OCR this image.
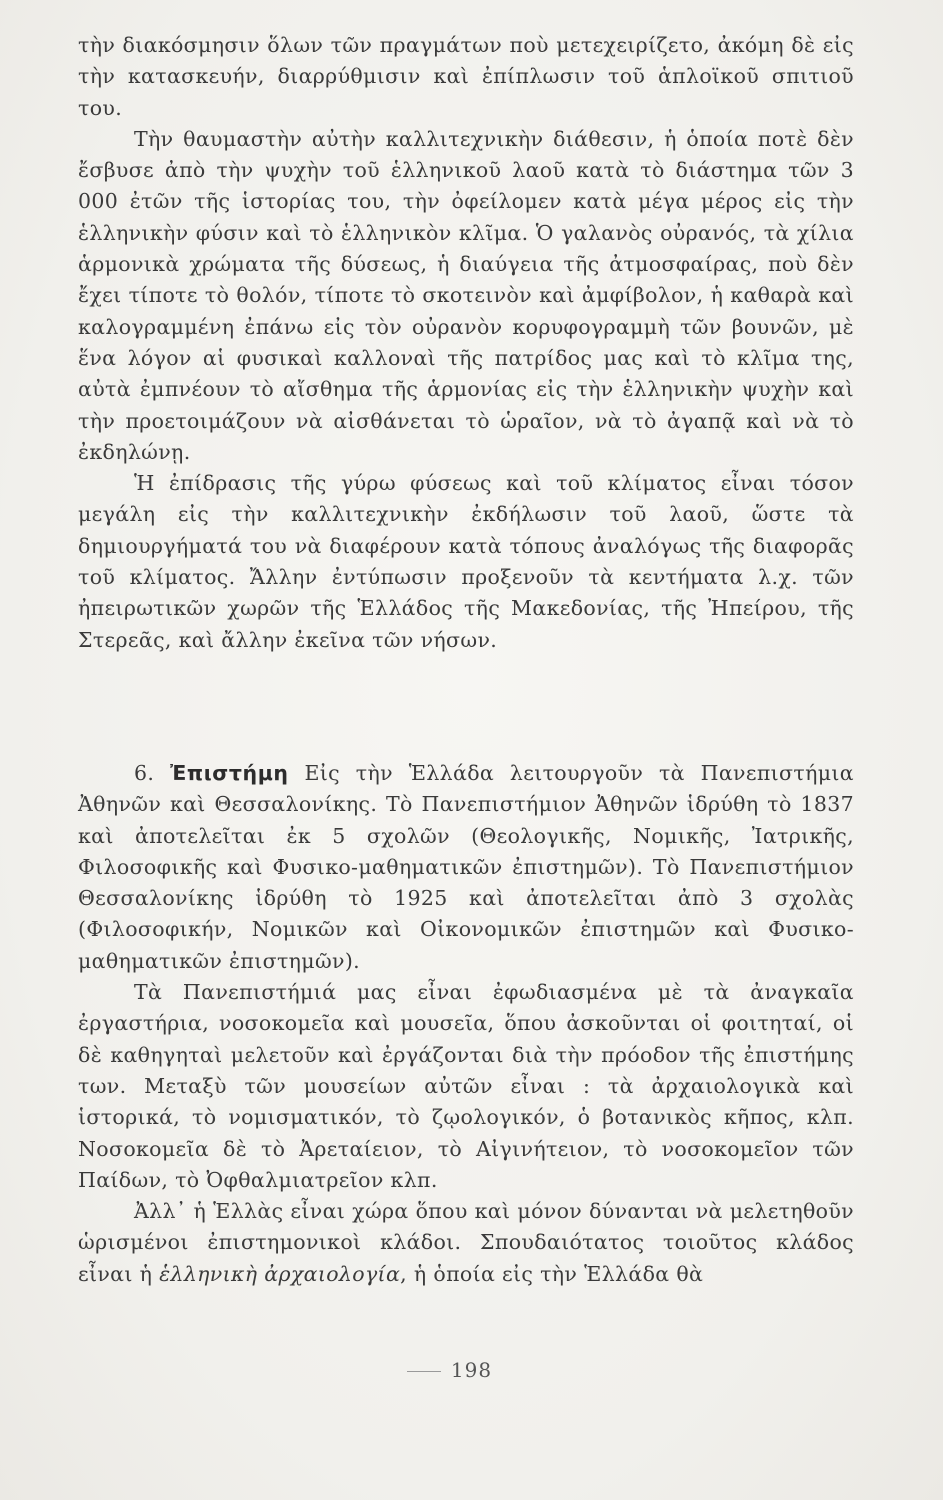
τὴν διακόσμησιν ὅλων τῶν πραγμάτων ποὺ μετεχειρίζετο, ἀκόμη δὲ εἰς τὴν κατασκευήν, διαρρύθμισιν καὶ ἐπίπλωσιν τοῦ ἁπλοϊκοῦ σπιτιοῦ του.

Τὴν θαυμαστὴν αὐτὴν καλλιτεχνικὴν διάθεσιν, ἡ ὁποία ποτὲ δὲν ἔσβυσε ἀπὸ τὴν ψυχὴν τοῦ ἑλληνικοῦ λαοῦ κατὰ τὸ διάστημα τῶν 3 000 ἐτῶν τῆς ἱστορίας του, τὴν ὀφείλομεν κατὰ μέγα μέρος εἰς τὴν ἑλληνικὴν φύσιν καὶ τὸ ἑλληνικὸν κλῖμα. Ὁ γαλανὸς οὐρανός, τὰ χίλια ἁρμονικὰ χρώματα τῆς δύσεως, ἡ διαύγεια τῆς ἀτμοσφαίρας, ποὺ δὲν ἔχει τίποτε τὸ θολόν, τίποτε τὸ σκοτεινὸν καὶ ἀμφίβολον, ἡ καθαρὰ καὶ καλογραμμένη ἐπάνω εἰς τὸν οὐρανὸν κορυφογραμμὴ τῶν βουνῶν, μὲ ἕνα λόγον αἱ φυσικαὶ καλλοναὶ τῆς πατρίδος μας καὶ τὸ κλῖμα της, αὐτὰ ἐμπνέουν τὸ αἴσθημα τῆς ἁρμονίας εἰς τὴν ἑλληνικὴν ψυχὴν καὶ τὴν προετοιμάζουν νὰ αἰσθάνεται τὸ ὡραῖον, νὰ τὸ ἀγαπᾷ καὶ νὰ τὸ ἐκδηλώνῃ.

Ἡ ἐπίδρασις τῆς γύρω φύσεως καὶ τοῦ κλίματος εἶναι τόσον μεγάλη εἰς τὴν καλλιτεχνικὴν ἐκδήλωσιν τοῦ λαοῦ, ὥστε τὰ δημιουργήματά του νὰ διαφέρουν κατὰ τόπους ἀναλόγως τῆς διαφορᾶς τοῦ κλίματος. Ἄλλην ἐντύπωσιν προξενοῦν τὰ κεντήματα λ.χ. τῶν ἠπειρωτικῶν χωρῶν τῆς Ἑλλάδος τῆς Μακεδονίας, τῆς Ἠπείρου, τῆς Στερεᾶς, καὶ ἄλλην ἐκεῖνα τῶν νήσων.

6. Ἐπιστήμη Εἰς τὴν Ἑλλάδα λειτουργοῦν τὰ Πανεπιστήμια Ἀθηνῶν καὶ Θεσσαλονίκης. Τὸ Πανεπιστήμιον Ἀθηνῶν ἱδρύθη τὸ 1837 καὶ ἀποτελεῖται ἐκ 5 σχολῶν (Θεολογικῆς, Νομικῆς, Ἰατρικῆς, Φιλοσοφικῆς καὶ Φυσικο-μαθηματικῶν ἐπιστημῶν). Τὸ Πανεπιστήμιον Θεσσαλονίκης ἱδρύθη τὸ 1925 καὶ ἀποτελεῖται ἀπὸ 3 σχολὰς (Φιλοσοφικήν, Νομικῶν καὶ Οἰκονομικῶν ἐπιστημῶν καὶ Φυσικο-μαθηματικῶν ἐπιστημῶν).

Τὰ Πανεπιστήμιά μας εἶναι ἐφωδιασμένα μὲ τὰ ἀναγκαῖα ἐργαστήρια, νοσοκομεῖα καὶ μουσεῖα, ὅπου ἀσκοῦνται οἱ φοιτηταί, οἱ δὲ καθηγηταὶ μελετοῦν καὶ ἐργάζονται διὰ τὴν πρόοδον τῆς ἐπιστήμης των. Μεταξὺ τῶν μουσείων αὐτῶν εἶναι : τὰ ἀρχαιολογικὰ καὶ ἱστορικά, τὸ νομισματικόν, τὸ ζῳολογικόν, ὁ βοτανικὸς κῆπος, κλπ. Νοσοκομεῖα δὲ τὸ Ἀρεταίειον, τὸ Αἰγινήτειον, τὸ νοσοκομεῖον τῶν Παίδων, τὸ Ὀφθαλμιατρεῖον κλπ.

Ἀλλ᾽ ἡ Ἑλλὰς εἶναι χώρα ὅπου καὶ μόνον δύνανται νὰ μελετηθοῦν ὡρισμένοι ἐπιστημονικοὶ κλάδοι. Σπουδαιότατος τοιοῦτος κλάδος εἶναι ἡ ἑλληνικὴ ἀρχαιολογία, ἡ ὁποία εἰς τὴν Ἑλλάδα θὰ

198
